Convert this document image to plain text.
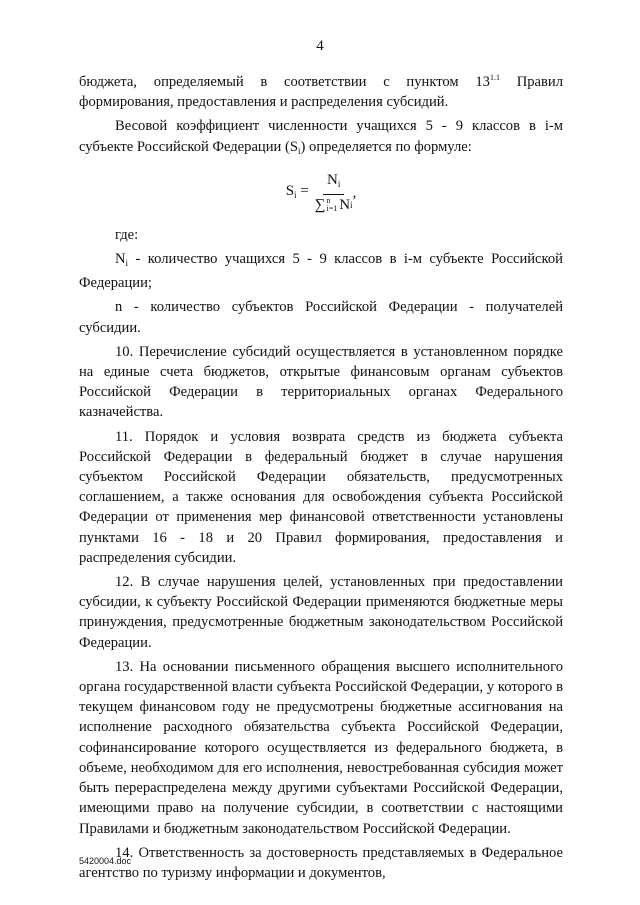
4

бюджета, определяемый в соответствии с пунктом $13^{1.1}$ Правил формирования, предоставления и распределения субсидий.

Весовой коэффициент численности учащихся 5 - 9 классов в i-м субъекте Российской Федерации $(S_i)$ определяется по формуле:

$S_i = N_i$
∑ n
i=1 N i ,

где:

$N_i$ - количество учащихся 5 - 9 классов в i-м субъекте Российской Федерации;

n - количество субъектов Российской Федерации - получателей субсидии.

10. Перечисление субсидий осуществляется в установленном порядке на единые счета бюджетов, открытые финансовым органам субъектов Российской Федерации в территориальных органах Федерального казначейства.

11. Порядок и условия возврата средств из бюджета субъекта Российской Федерации в федеральный бюджет в случае нарушения субъектом Российской Федерации обязательств, предусмотренных соглашением, а также основания для освобождения субъекта Российской Федерации от применения мер финансовой ответственности установлены пунктами 16 - 18 и 20 Правил формирования, предоставления и распределения субсидии.

12. В случае нарушения целей, установленных при предоставлении субсидии, к субъекту Российской Федерации применяются бюджетные меры принуждения, предусмотренные бюджетным законодательством Российской Федерации.

13. На основании письменного обращения высшего исполнительного органа государственной власти субъекта Российской Федерации, у которого в текущем финансовом году не предусмотрены бюджетные ассигнования на исполнение расходного обязательства субъекта Российской Федерации, софинансирование которого осуществляется из федерального бюджета, в объеме, необходимом для его исполнения, невостребованная субсидия может быть перераспределена между другими субъектами Российской Федерации, имеющими право на получение субсидии, в соответствии с настоящими Правилами и бюджетным законодательством Российской Федерации.

14. Ответственность за достоверность представляемых в Федеральное агентство по туризму информации и документов,

5420004.doc
